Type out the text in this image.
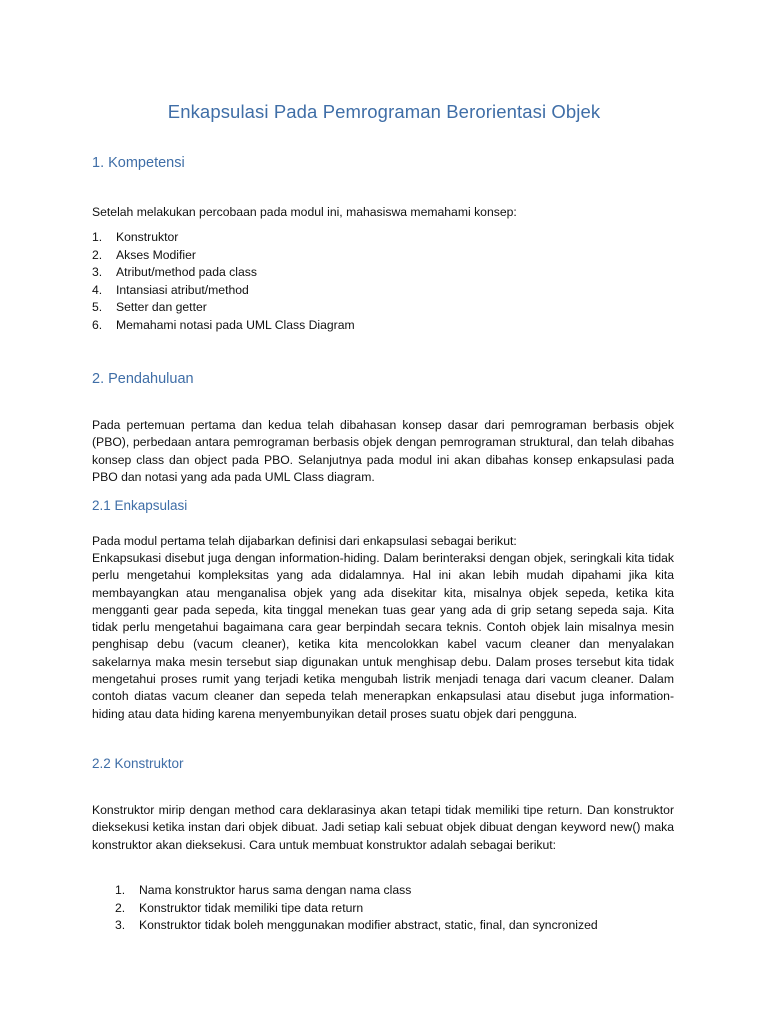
Enkapsulasi Pada Pemrograman Berorientasi Objek
1. Kompetensi
Setelah melakukan percobaan pada modul ini, mahasiswa memahami konsep:
1.	Konstruktor
2.	Akses Modifier
3.	Atribut/method pada class
4.	Intansiasi atribut/method
5.	Setter dan getter
6.	Memahami notasi pada UML Class Diagram
2. Pendahuluan
Pada pertemuan pertama dan kedua telah dibahasan konsep dasar dari pemrograman berbasis objek (PBO), perbedaan antara pemrograman berbasis objek dengan pemrograman struktural, dan telah dibahas konsep class dan object pada PBO. Selanjutnya pada modul ini akan dibahas konsep enkapsulasi pada PBO dan notasi yang ada pada UML Class diagram.
2.1 Enkapsulasi
Pada modul pertama telah dijabarkan definisi dari enkapsulasi sebagai berikut:
Enkapsukasi disebut juga dengan information-hiding. Dalam berinteraksi dengan objek, seringkali kita tidak perlu mengetahui kompleksitas yang ada didalamnya. Hal ini akan lebih mudah dipahami jika kita membayangkan atau menganalisa objek yang ada disekitar kita, misalnya objek sepeda, ketika kita mengganti gear pada sepeda, kita tinggal menekan tuas gear yang ada di grip setang sepeda saja. Kita tidak perlu mengetahui bagaimana cara gear berpindah secara teknis. Contoh objek lain misalnya mesin penghisap debu (vacum cleaner), ketika kita mencolokkan kabel vacum cleaner dan menyalakan sakelarnya maka mesin tersebut siap digunakan untuk menghisap debu. Dalam proses tersebut kita tidak mengetahui proses rumit yang terjadi ketika mengubah listrik menjadi tenaga dari vacum cleaner. Dalam contoh diatas vacum cleaner dan sepeda telah menerapkan enkapsulasi atau disebut juga information-hiding atau data hiding karena menyembunyikan detail proses suatu objek dari pengguna.
2.2 Konstruktor
Konstruktor mirip dengan method cara deklarasinya akan tetapi tidak memiliki tipe return. Dan konstruktor dieksekusi ketika instan dari objek dibuat. Jadi setiap kali sebuat objek dibuat dengan keyword new() maka konstruktor akan dieksekusi. Cara untuk membuat konstruktor adalah sebagai berikut:
1.	Nama konstruktor harus sama dengan nama class
2.	Konstruktor tidak memiliki tipe data return
3.	Konstruktor tidak boleh menggunakan modifier abstract, static, final, dan syncronized
